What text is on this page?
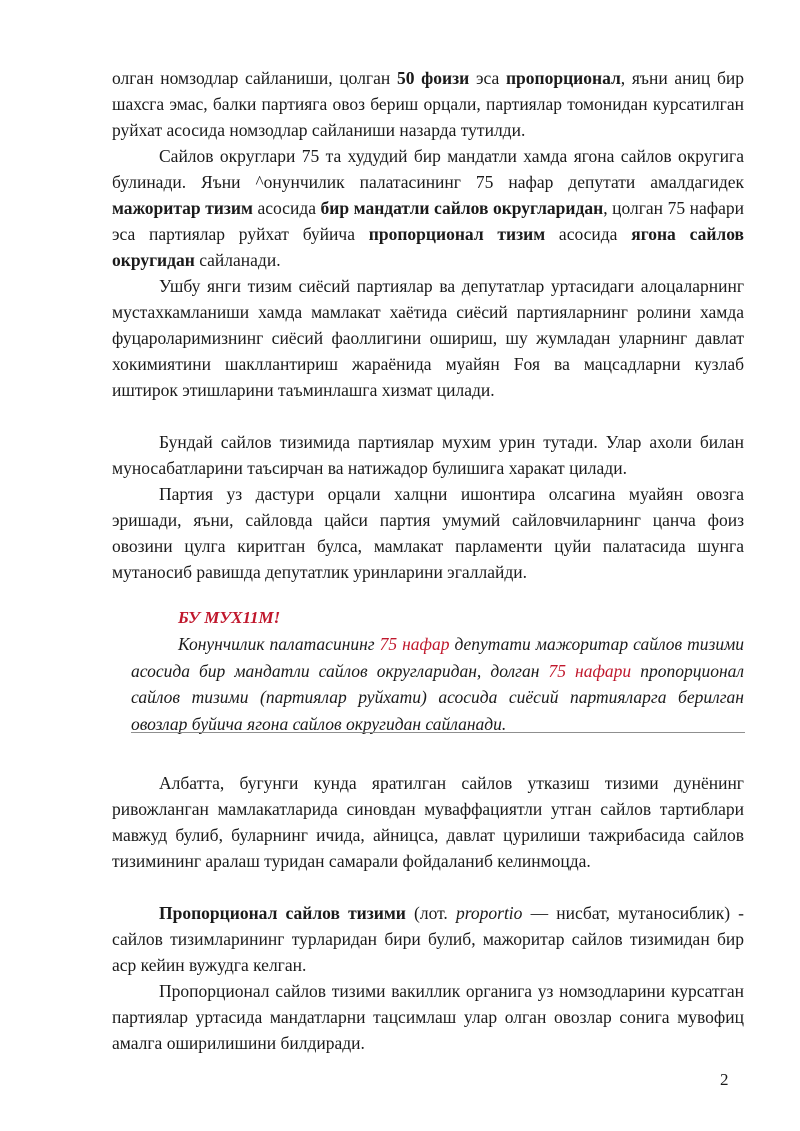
олган номзодлар сайланиши, цолган 50 фоизи эса пропорционал, яъни аниц бир шахсга эмас, балки партияга овоз бериш орцали, партиялар томонидан курсатилган руйхат асосида номзодлар сайланиши назарда тутилди.

Сайлов округлари 75 та худудий бир мандатли хамда ягона сайлов округига булинади. Яъни ^онунчилик палатасининг 75 нафар депутати амалдагидек мажоритар тизим асосида бир мандатли сайлов округларидан, цолган 75 нафари эса партиялар руйхат буйича пропорционал тизим асосида ягона сайлов округидан сайланади.

Ушбу янги тизим сиёсий партиялар ва депутатлар уртасидаги алоцаларнинг мустахкамланиши хамда мамлакат хаётида сиёсий партияларнинг ролини хамда фуцароларимизнинг сиёсий фаоллигини ошириш, шу жумладан уларнинг давлат хокимиятини шакллантириш жараёнида муайян Fоя ва мацсадларни кузлаб иштирок этишларини таъминлашга хизмат цилади.

Бундай сайлов тизимида партиялар мухим урин тутади. Улар ахоли билан муносабатларини таъсирчан ва натижадор булишига харакат цилади.

Партия уз дастури орцали халцни ишонтира олсагина муайян овозга эришади, яъни, сайловда цайси партия умумий сайловчиларнинг цанча фоиз овозини цулга киритган булса, мамлакат парламенти цуйи палатасида шунга мутаносиб равишда депутатлик уринларини эгаллайди.

БУ МУХ11М!

Конунчилик палатасининг 75 нафар депутати мажоритар сайлов тизими асосида бир мандатли сайлов округларидан, долган 75 нафари пропорционал сайлов тизими (партиялар руйхати) асосида сиёсий партияларга берилган овозлар буйича ягона сайлов округидан сайланади.

Албатта, бугунги кунда яратилган сайлов утказиш тизими дунёнинг ривожланган мамлакатларида синовдан муваффациятли утган сайлов тартиблари мавжуд булиб, буларнинг ичида, айницса, давлат цурилиши тажрибасида сайлов тизимининг аралаш туридан самарали фойдаланиб келинмоцда.

Пропорционал сайлов тизими (лот. proportio — нисбат, мутаносиблик) - сайлов тизимларининг турларидан бири булиб, мажоритар сайлов тизимидан бир аср кейин вужудга келган.

Пропорционал сайлов тизими вакиллик органига уз номзодларини курсатган партиялар уртасида мандатларни тацсимлаш улар олган овозлар сонига мувофиц амалга оширилишини билдиради.

2
